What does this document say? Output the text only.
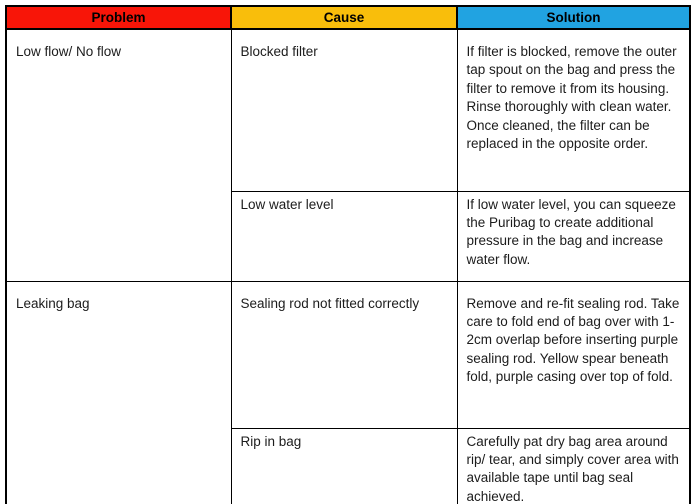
Problem	Cause	Solution
Low flow/ No flow	Blocked filter	If filter is blocked, remove the outer tap spout on the bag and press the filter to remove it from its housing. Rinse thoroughly with clean water. Once cleaned, the filter can be replaced in the opposite order.
	Low water level	If low water level, you can squeeze the Puribag to create additional pressure in the bag and increase water flow.
Leaking bag	Sealing rod not fitted correctly	Remove and re-fit sealing rod. Take care to fold end of bag over with 1-2cm overlap before inserting purple sealing rod. Yellow spear beneath fold, purple casing over top of fold.
	Rip in bag	Carefully pat dry bag area around rip/ tear, and simply cover area with available tape until bag seal achieved.
